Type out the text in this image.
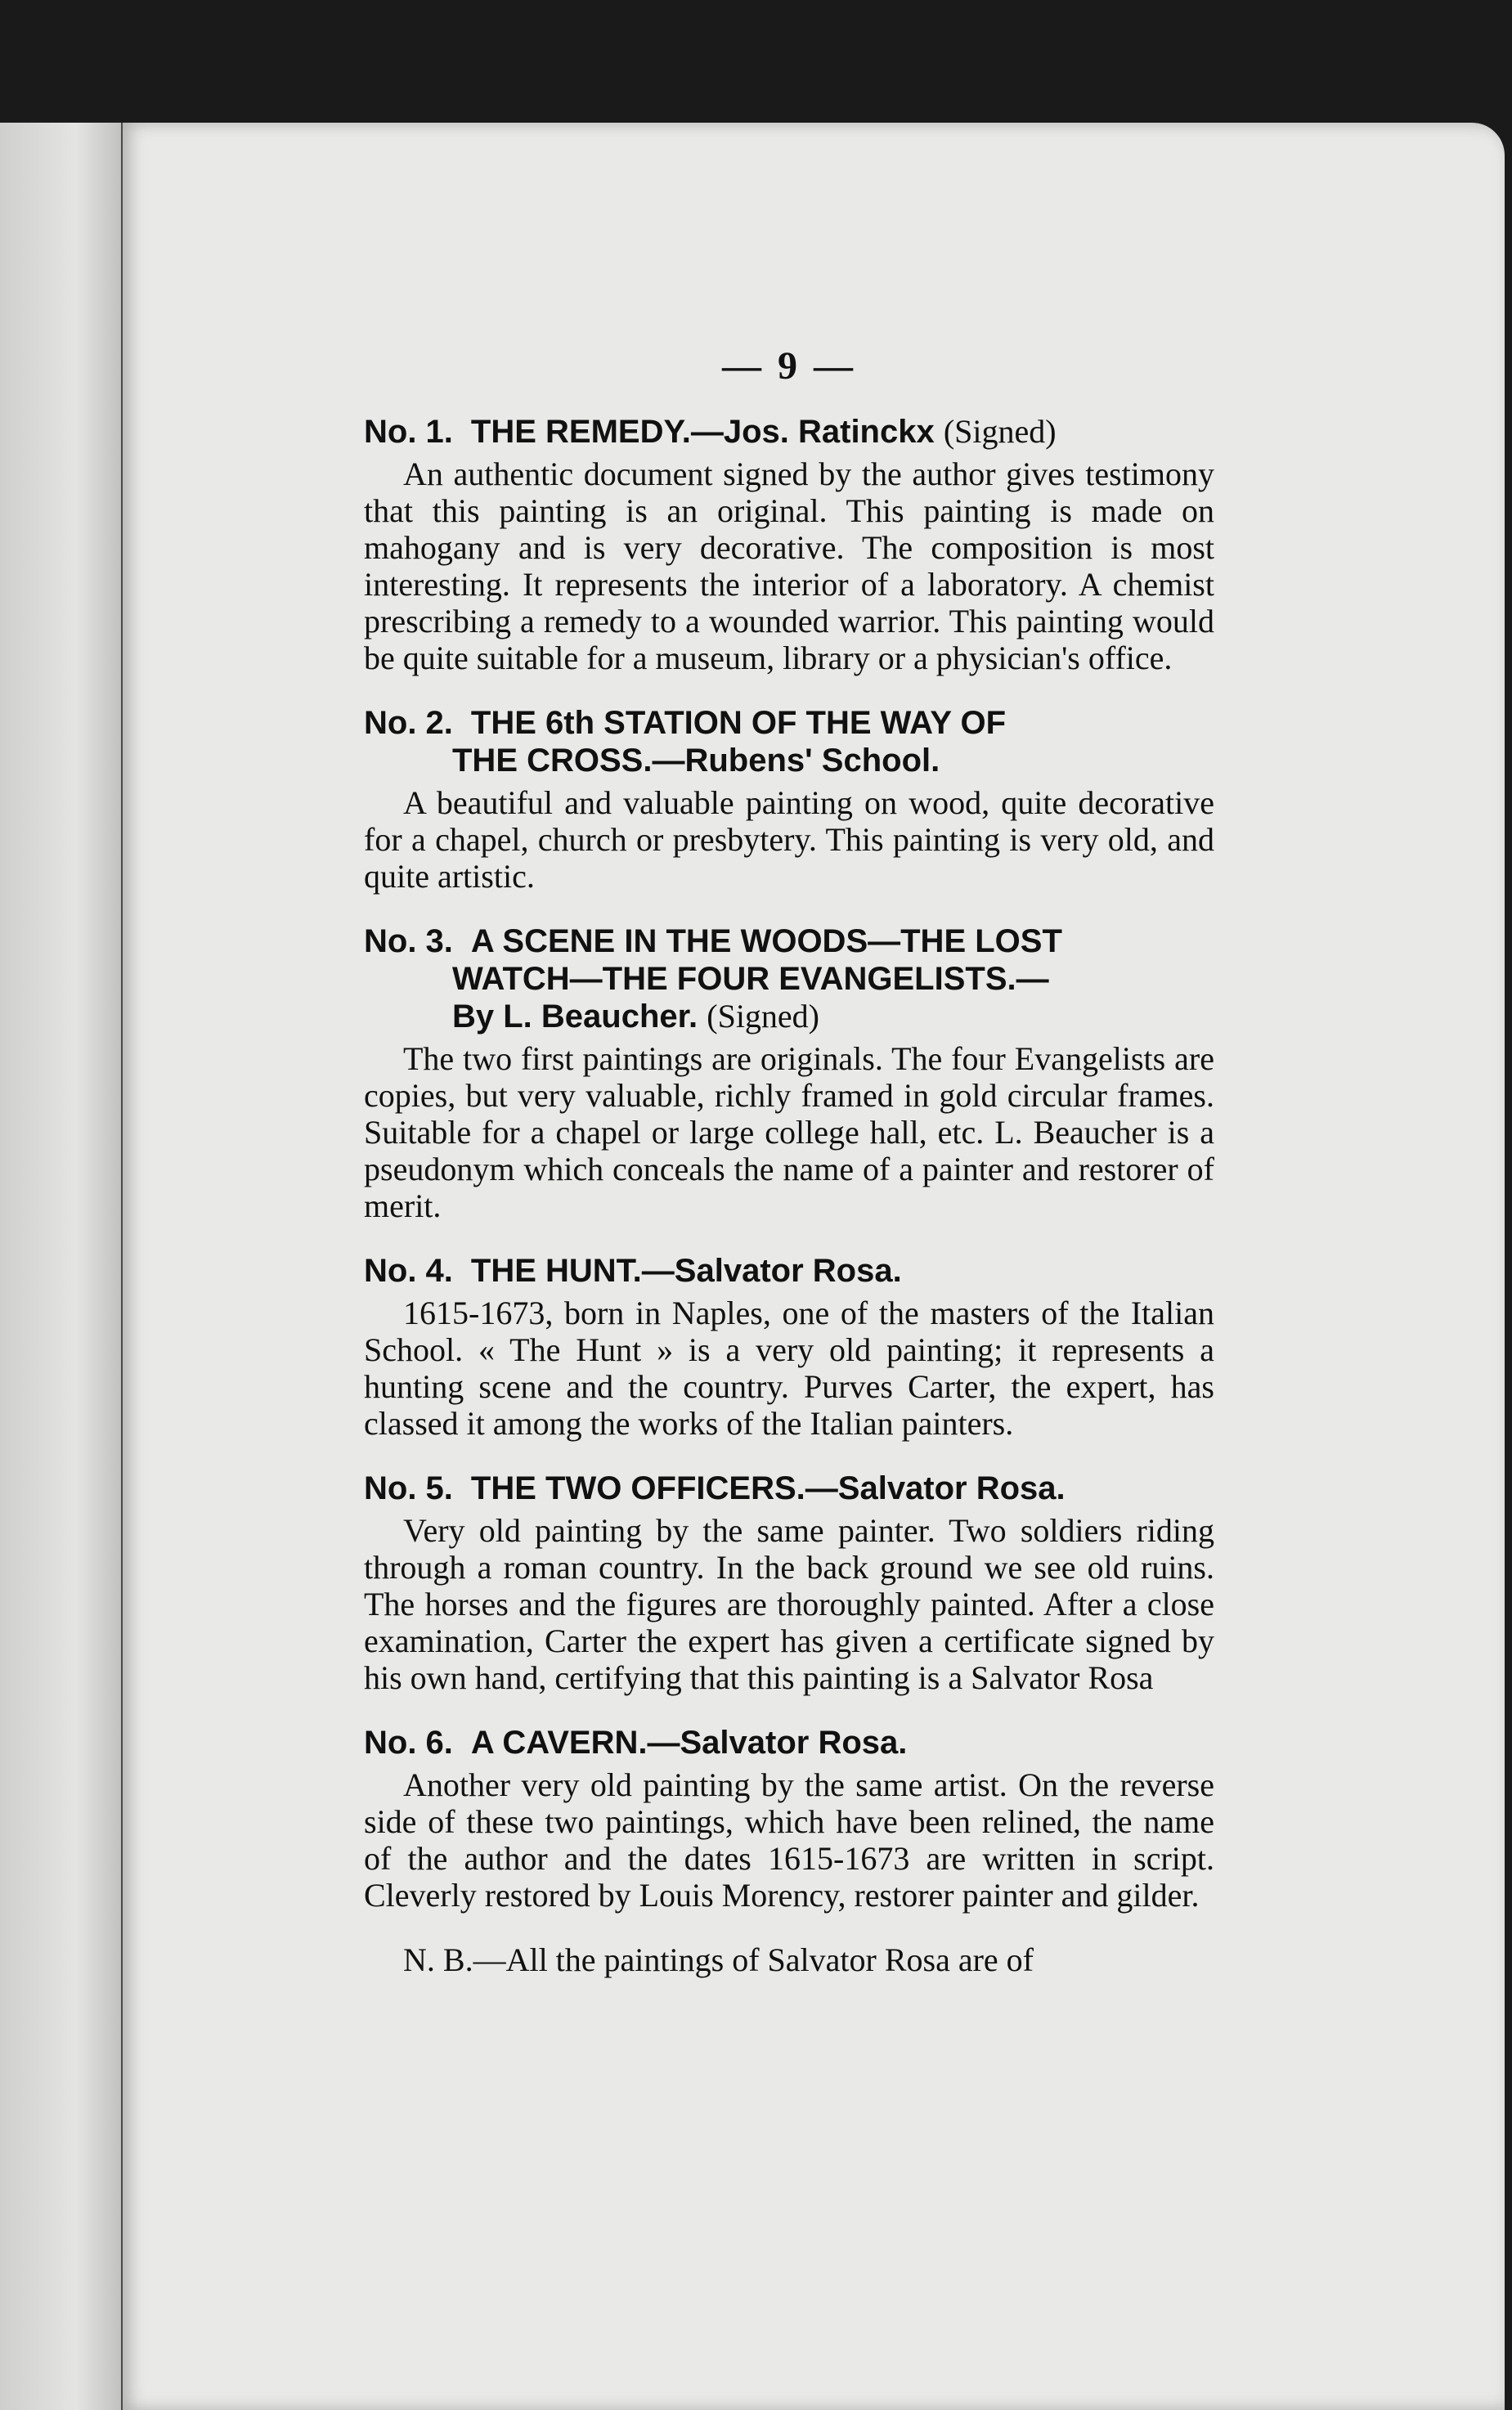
— 9 —
No. 1. THE REMEDY.—Jos. Ratinckx (Signed)

An authentic document signed by the author gives testimony that this painting is an original. This painting is made on mahogany and is very decorative. The composition is most interesting. It represents the interior of a laboratory. A chemist prescribing a remedy to a wounded warrior. This painting would be quite suitable for a museum, library or a physician's office.

No. 2. THE 6th STATION OF THE WAY OF
THE CROSS.—Rubens' School.

A beautiful and valuable painting on wood, quite decorative for a chapel, church or presbytery. This painting is very old, and quite artistic.

No. 3. A SCENE IN THE WOODS—THE LOST
WATCH—THE FOUR EVANGELISTS.—
By L. Beaucher. (Signed)

The two first paintings are originals. The four Evangelists are copies, but very valuable, richly framed in gold circular frames. Suitable for a chapel or large college hall, etc. L. Beaucher is a pseudonym which conceals the name of a painter and restorer of merit.

No. 4. THE HUNT.—Salvator Rosa.

1615-1673, born in Naples, one of the masters of the Italian School. « The Hunt » is a very old painting; it represents a hunting scene and the country. Purves Carter, the expert, has classed it among the works of the Italian painters.

No. 5. THE TWO OFFICERS.—Salvator Rosa.

Very old painting by the same painter. Two soldiers riding through a roman country. In the back ground we see old ruins. The horses and the figures are thoroughly painted. After a close examination, Carter the expert has given a certificate signed by his own hand, certifying that this painting is a Salvator Rosa

No. 6. A CAVERN.—Salvator Rosa.

Another very old painting by the same artist. On the reverse side of these two paintings, which have been relined, the name of the author and the dates 1615-1673 are written in script. Cleverly restored by Louis Morency, restorer painter and gilder.

N. B.—All the paintings of Salvator Rosa are of
